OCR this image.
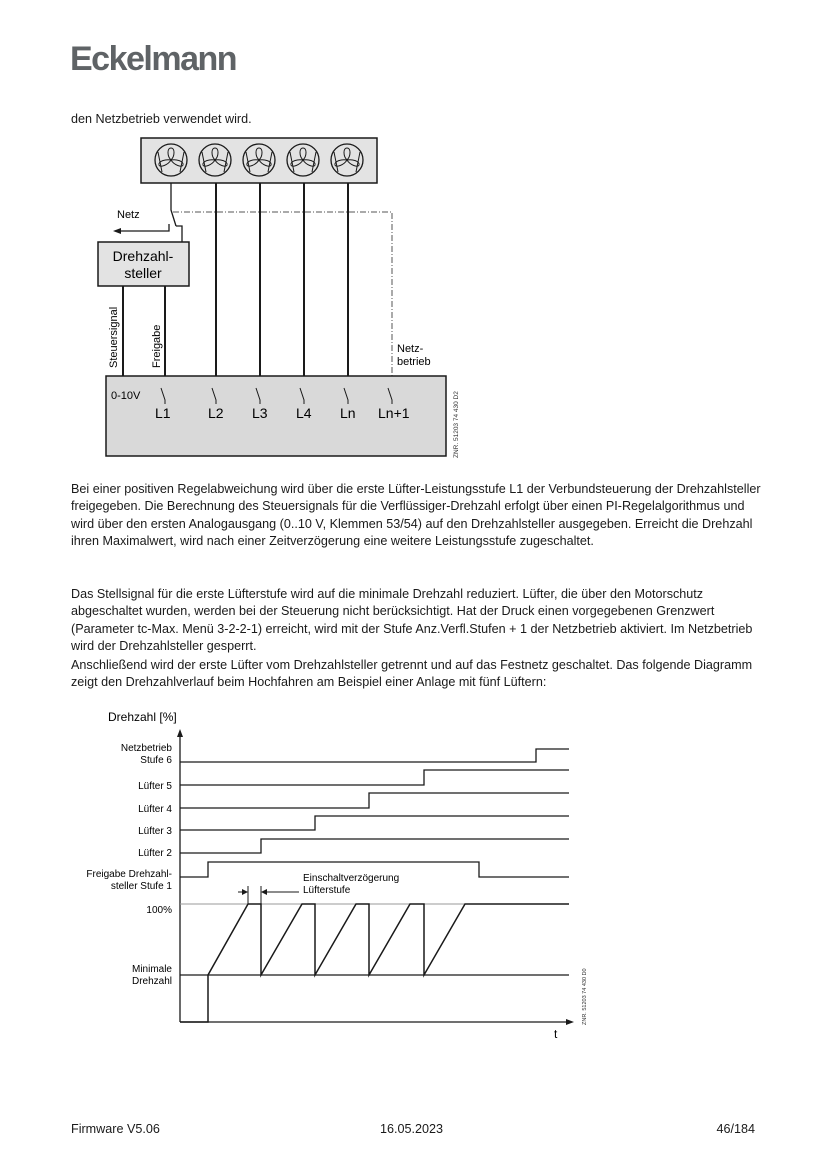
Eckelmann

den Netzbetrieb verwendet wird.

Netz
Drehzahl-
steller
Steuersignal	Freigabe	Netz-
betrieb
0-10V
L1	L2 L3 L4 Ln Ln+1	ZNR. 51203 74 430 D2

Bei einer positiven Regelabweichung wird über die erste Lüfter-Leistungsstufe L1 der Verbundsteuerung der Drehzahlsteller freigegeben. Die Berechnung des Steuersignals für die Verflüssiger-Drehzahl erfolgt über einen PI-Regelalgorithmus und wird über den ersten Analogausgang (0..10 V, Klemmen 53/54) auf den Drehzahlsteller ausgegeben. Erreicht die Drehzahl ihren Maximalwert, wird nach einer Zeitverzögerung eine weitere Leistungsstufe zugeschaltet.

Das Stellsignal für die erste Lüfterstufe wird auf die minimale Drehzahl reduziert. Lüfter, die über den Motorschutz abgeschaltet wurden, werden bei der Steuerung nicht berücksichtigt. Hat der Druck einen vorgegebenen Grenzwert (Parameter tc-Max. Menü 3-2-2-1) erreicht, wird mit der Stufe Anz.Verfl.Stufen + 1 der Netzbetrieb aktiviert. Im Netzbetrieb wird der Drehzahlsteller gesperrt.

Anschließend wird der erste Lüfter vom Drehzahlsteller getrennt und auf das Festnetz geschaltet. Das folgende Diagramm zeigt den Drehzahlverlauf beim Hochfahren am Beispiel einer Anlage mit fünf Lüftern:

Drehzahl [%]
t
Netzbetrieb
Stufe 6
Lüfter 5
Lüfter 4
Lüfter 3
Lüfter 2
Freigabe Drehzahl-
steller Stufe 1
100%
Minimale
Drehzahl
Einschaltverzögerung
Lüfterstufe
ZNR. 51203 74 430 D0
Firmware V5.06	16.05.2023	46/184
